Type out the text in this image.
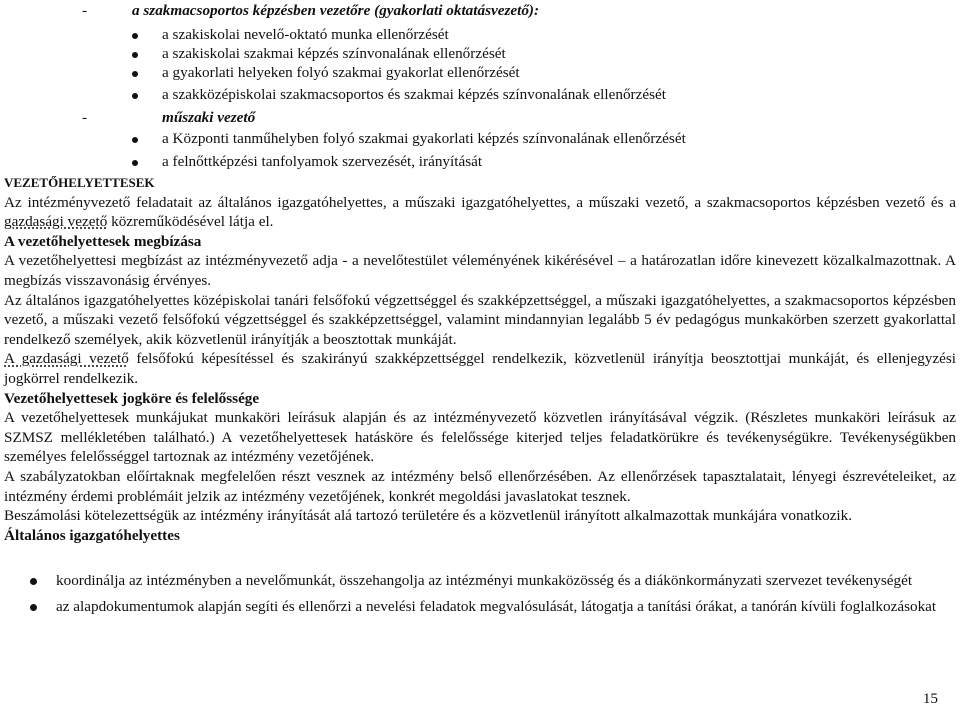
-	a szakmacsoportos képzésben vezetőre (gyakorlati oktatásvezető):
a szakiskolai nevelő-oktató munka ellenőrzését
a szakiskolai szakmai képzés színvonalának ellenőrzését
a gyakorlati helyeken folyó szakmai gyakorlat ellenőrzését
a szakközépiskolai szakmacsoportos és szakmai képzés színvonalának ellenőrzését
-	műszaki vezető
a Központi tanműhelyben folyó szakmai gyakorlati képzés színvonalának ellenőrzését
a felnőttképzési tanfolyamok szervezését, irányítását

VEZETŐHELYETTESEK

Az intézményvezető feladatait az általános igazgatóhelyettes, a műszaki igazgatóhelyettes, a műszaki vezető, a szakmacsoportos képzésben vezető és a gazdasági vezető közreműködésével látja el.

A vezetőhelyettesek megbízása

A vezetőhelyettesi megbízást az intézményvezető adja - a nevelőtestület véleményének kikérésével – a határozatlan időre kinevezett közalkalmazottnak. A megbízás visszavonásig érvényes.

Az általános igazgatóhelyettes középiskolai tanári felsőfokú végzettséggel és szakképzettséggel, a műszaki igazgatóhelyettes, a szakmacsoportos képzésben vezető, a műszaki vezető felsőfokú végzettséggel és szakképzettséggel, valamint mindannyian legalább 5 év pedagógus munkakörben szerzett gyakorlattal rendelkező személyek, akik közvetlenül irányítják a beosztottak munkáját.

A gazdasági vezető felsőfokú képesítéssel és szakirányú szakképzettséggel rendelkezik, közvetlenül irányítja beosztottjai munkáját, és ellenjegyzési jogkörrel rendelkezik.

Vezetőhelyettesek jogköre és felelőssége

A vezetőhelyettesek munkájukat munkaköri leírásuk alapján és az intézményvezető közvetlen irányításával végzik. (Részletes munkaköri leírásuk az SZMSZ mellékletében található.) A vezetőhelyettesek hatásköre és felelőssége kiterjed teljes feladatkörükre és tevékenységükre. Tevékenységükben személyes felelősséggel tartoznak az intézmény vezetőjének.

A szabályzatokban előírtaknak megfelelően részt vesznek az intézmény belső ellenőrzésében. Az ellenőrzések tapasztalatait, lényegi észrevételeiket, az intézmény érdemi problémáit jelzik az intézmény vezetőjének, konkrét megoldási javaslatokat tesznek.

Beszámolási kötelezettségük az intézmény irányítását alá tartozó területére és a közvetlenül irányított alkalmazottak munkájára vonatkozik.

Általános igazgatóhelyettes

koordinálja az intézményben a nevelőmunkát, összehangolja az intézményi munkaközösség és a diákönkormányzati szervezet tevékenységét
az alapdokumentumok alapján segíti és ellenőrzi a nevelési feladatok megvalósulását, látogatja a tanítási órákat, a tanórán kívüli foglalkozásokat
15
